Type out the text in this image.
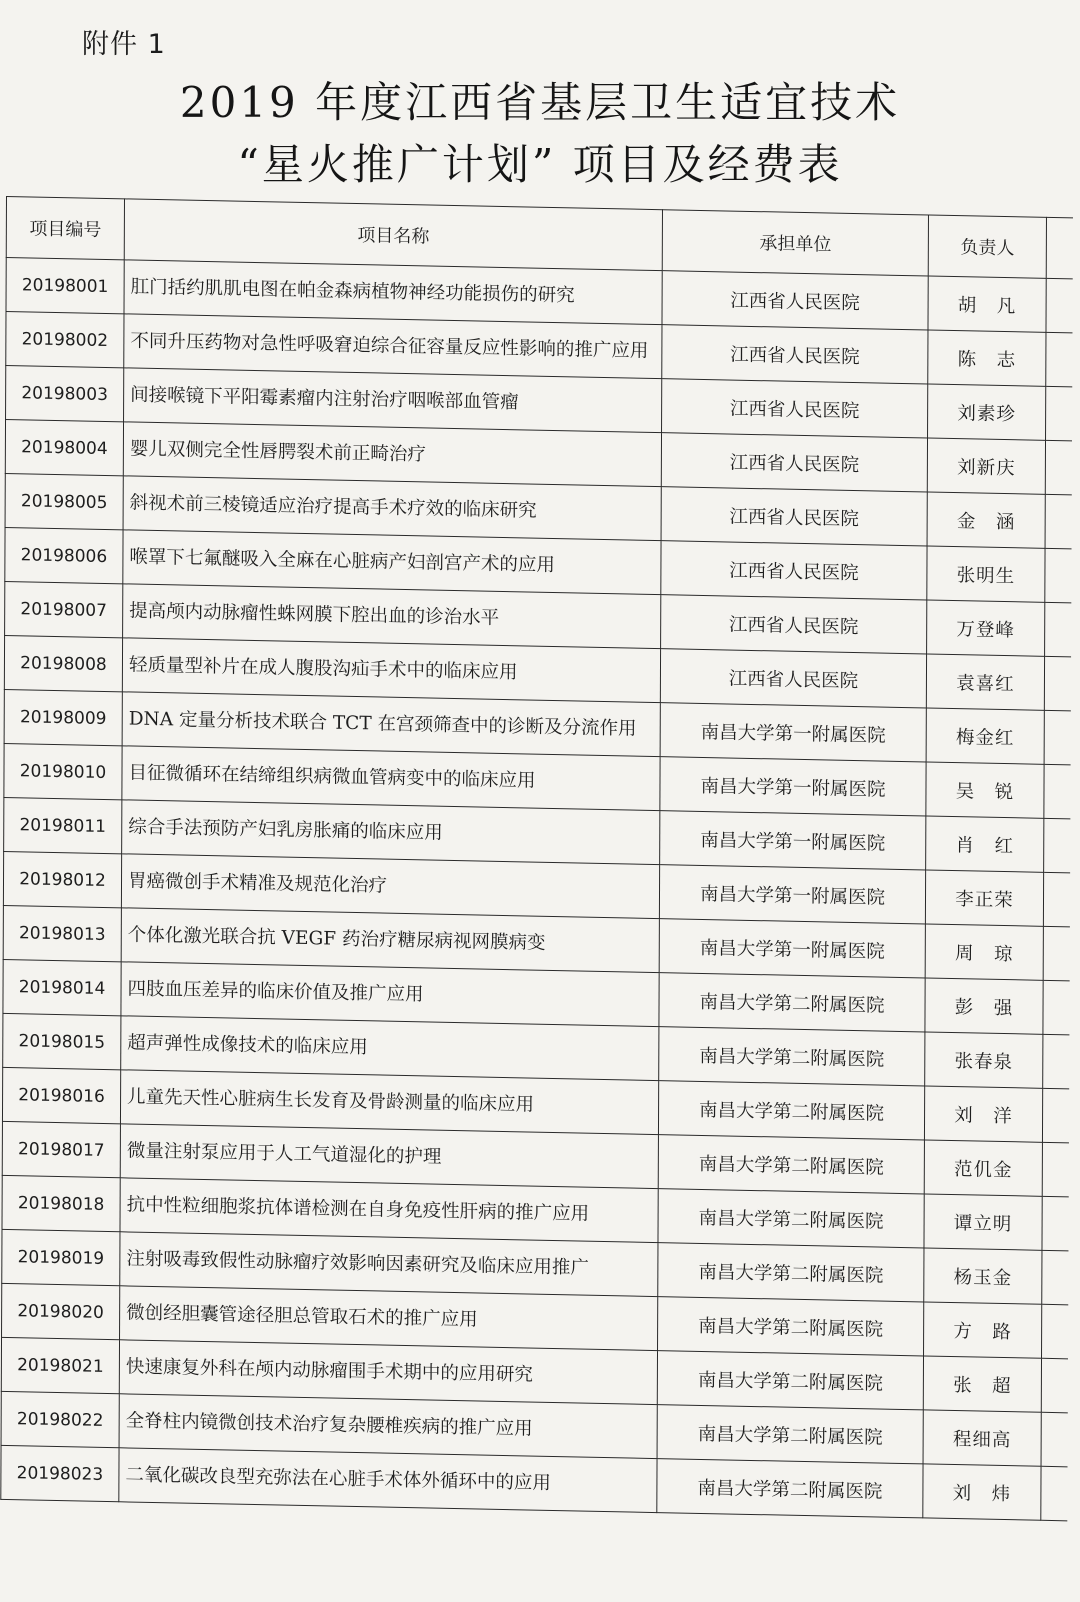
附件 1
2019 年度江西省基层卫生适宜技术
“星火推广计划” 项目及经费表
项目编号	项目名称	承担单位	负责人	
20198001	肛门括约肌肌电图在帕金森病植物神经功能损伤的研究	江西省人民医院	胡　凡	
20198002	不同升压药物对急性呼吸窘迫综合征容量反应性影响的推广应用	江西省人民医院	陈　志	
20198003	间接喉镜下平阳霉素瘤内注射治疗咽喉部血管瘤	江西省人民医院	刘素珍	
20198004	婴儿双侧完全性唇腭裂术前正畸治疗	江西省人民医院	刘新庆	
20198005	斜视术前三棱镜适应治疗提高手术疗效的临床研究	江西省人民医院	金　涵	
20198006	喉罩下七氟醚吸入全麻在心脏病产妇剖宫产术的应用	江西省人民医院	张明生	
20198007	提高颅内动脉瘤性蛛网膜下腔出血的诊治水平	江西省人民医院	万登峰	
20198008	轻质量型补片在成人腹股沟疝手术中的临床应用	江西省人民医院	袁喜红	
20198009	DNA 定量分析技术联合 TCT 在宫颈筛查中的诊断及分流作用	南昌大学第一附属医院	梅金红	
20198010	目征微循环在结缔组织病微血管病变中的临床应用	南昌大学第一附属医院	吴　锐	
20198011	综合手法预防产妇乳房胀痛的临床应用	南昌大学第一附属医院	肖　红	
20198012	胃癌微创手术精准及规范化治疗	南昌大学第一附属医院	李正荣	
20198013	个体化激光联合抗 VEGF 药治疗糖尿病视网膜病变	南昌大学第一附属医院	周　琼	
20198014	四肢血压差异的临床价值及推广应用	南昌大学第二附属医院	彭　强	
20198015	超声弹性成像技术的临床应用	南昌大学第二附属医院	张春泉	
20198016	儿童先天性心脏病生长发育及骨龄测量的临床应用	南昌大学第二附属医院	刘　洋	
20198017	微量注射泵应用于人工气道湿化的护理	南昌大学第二附属医院	范仉金	
20198018	抗中性粒细胞浆抗体谱检测在自身免疫性肝病的推广应用	南昌大学第二附属医院	谭立明	
20198019	注射吸毒致假性动脉瘤疗效影响因素研究及临床应用推广	南昌大学第二附属医院	杨玉金	
20198020	微创经胆囊管途径胆总管取石术的推广应用	南昌大学第二附属医院	方　路	
20198021	快速康复外科在颅内动脉瘤围手术期中的应用研究	南昌大学第二附属医院	张　超	
20198022	全脊柱内镜微创技术治疗复杂腰椎疾病的推广应用	南昌大学第二附属医院	程细高	
20198023	二氧化碳改良型充弥法在心脏手术体外循环中的应用	南昌大学第二附属医院	刘　炜	
